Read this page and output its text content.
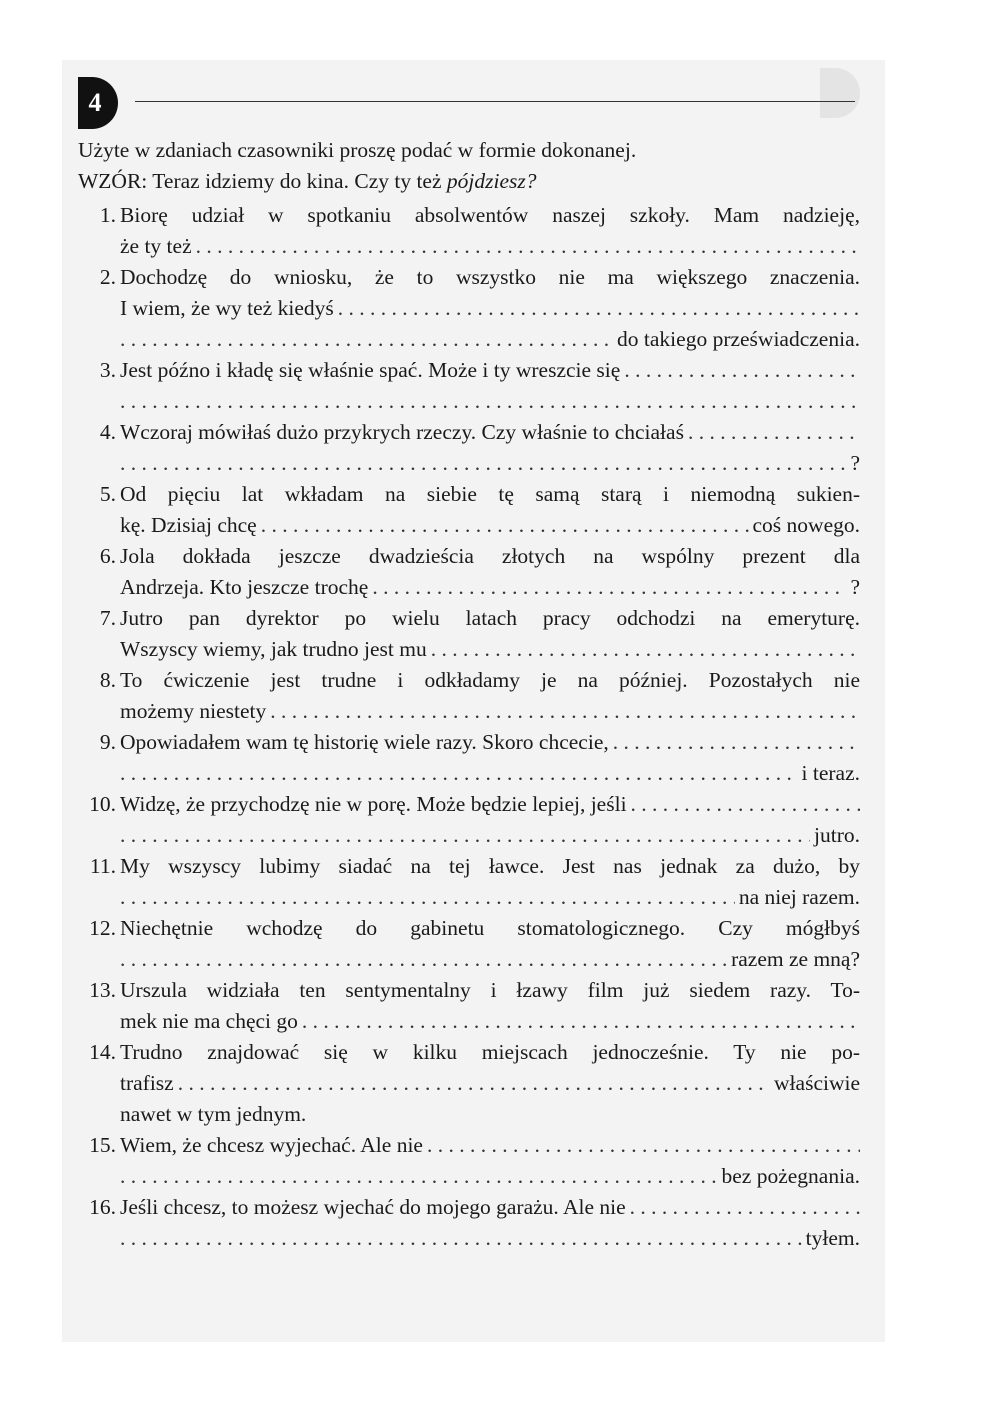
4

Użyte w zdaniach czasowniki proszę podać w formie dokonanej.

WZÓR: Teraz idziemy do kina. Czy ty też pójdziesz?

1. Biorę udział w spotkaniu absolwentów naszej szkoły. Mam nadzieję,
że ty też
. . .
2. Dochodzę do wniosku, że to wszystko nie ma większego znaczenia.
I wiem, że wy też kiedyś
. . .
. . .
do takiego przeświadczenia.
3. Jest późno i kładę się właśnie spać. Może i ty wreszcie się
. . .
. . .
4. Wczoraj mówiłaś dużo przykrych rzeczy. Czy właśnie to chciałaś
. . .
. . .
?
5. Od pięciu lat wkładam na siebie tę samą starą i niemodną sukien-
kę. Dzisiaj chcę . . .	coś nowego.
6. Jola dokłada jeszcze dwadzieścia złotych na wspólny prezent dla
Andrzeja. Kto jeszcze trochę . . .	?
7. Jutro pan dyrektor po wielu latach pracy odchodzi na emeryturę.
Wszyscy wiemy, jak trudno jest mu
. . .
8. To ćwiczenie jest trudne i odkładamy je na później. Pozostałych nie
możemy niestety
. . .
9. Opowiadałem wam tę historię wiele razy. Skoro chcecie,
. . .
. . .
i teraz.
10. Widzę, że przychodzę nie w porę. Może będzie lepiej, jeśli
. . .
. . .
jutro.
11. My wszyscy lubimy siadać na tej ławce. Jest nas jednak za dużo, by
. . .
na niej razem.
12. Niechętnie wchodzę do gabinetu stomatologicznego. Czy mógłbyś
. . .
razem ze mną?
13. Urszula widziała ten sentymentalny i łzawy film już siedem razy. To-
mek nie ma chęci go
. . .
14. Trudno znajdować się w kilku miejscach jednocześnie. Ty nie po-
trafisz . . .	właściwie
nawet w tym jednym.
15. Wiem, że chcesz wyjechać. Ale nie
. . .
. . .
bez pożegnania.
16. Jeśli chcesz, to możesz wjechać do mojego garażu. Ale nie
. . .
. . .
tyłem.
